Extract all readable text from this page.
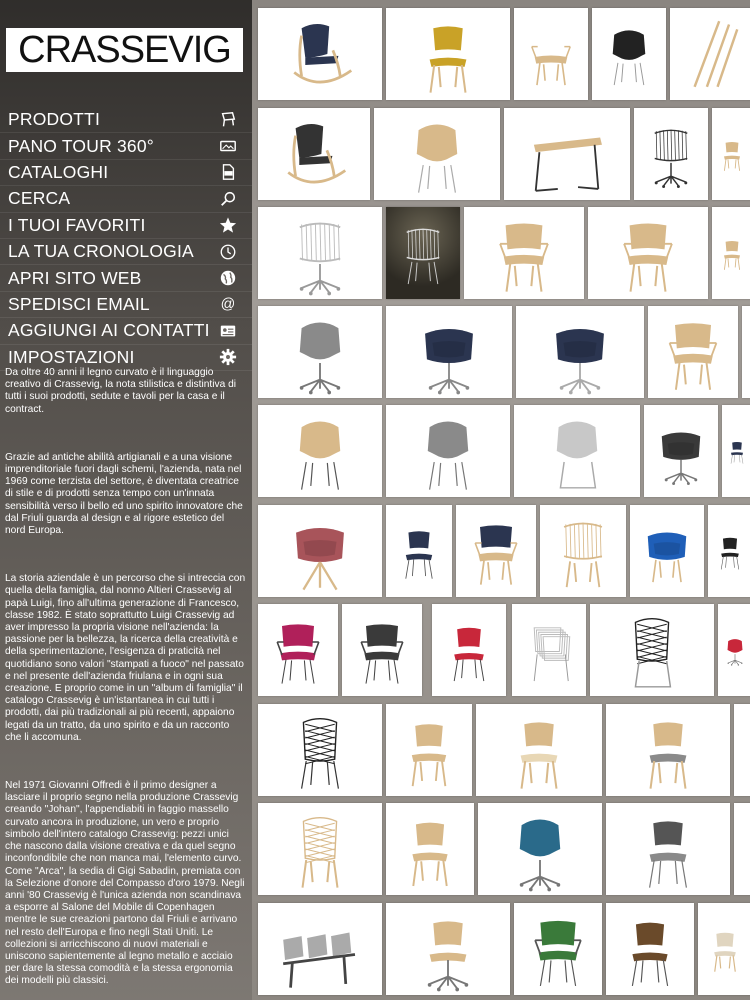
CRASSEVIG
PRODOTTI
PANO TOUR 360°
CATALOGHI
CERCA
I TUOI FAVORITI
LA TUA CRONOLOGIA
APRI SITO WEB
SPEDISCI EMAIL	@
AGGIUNGI AI CONTATTI
IMPOSTAZIONI

Da oltre 40 anni il legno curvato è il linguaggio creativo di Crassevig, la nota stilistica e distintiva di tutti i suoi prodotti, sedute e tavoli per la casa e il contract.

Grazie ad antiche abilità artigianali e a una visione imprenditoriale fuori dagli schemi, l'azienda, nata nel 1969 come terzista del settore, è diventata creatrice di stile e di prodotti senza tempo con un'innata sensibilità verso il bello ed uno spirito innovatore che dal Friuli guarda al design e al rigore estetico del nord Europa.

La storia aziendale è un percorso che si intreccia con quella della famiglia, dal nonno Altieri Crassevig al papà Luigi, fino all'ultima generazione di Francesco, classe 1982. È stato soprattutto Luigi Crassevig ad aver impresso la propria visione nell'azienda: la passione per la bellezza, la ricerca della creatività e della sperimentazione, l'esigenza di praticità nel quotidiano sono valori "stampati a fuoco" nel passato e nel presente dell'azienda friulana e in ogni sua creazione. E proprio come in un "album di famiglia" il catalogo Crassevig è un'istantanea in cui tutti i prodotti, dai più tradizionali ai più recenti, appaiono legati da un tratto, da uno spirito e da un racconto che li accomuna.

Nel 1971 Giovanni Offredi è il primo designer a lasciare il proprio segno nella produzione Crassevig creando "Johan", l'appendiabiti in faggio massello curvato ancora in produzione, un vero e proprio simbolo dell'intero catalogo Crassevig: pezzi unici che nascono dalla visione creativa e da quel segno inconfondibile che non manca mai, l'elemento curvo. Come "Arca", la sedia di Gigi Sabadin, premiata con la Selezione d'onore del Compasso d'oro 1979. Negli anni '80 Crassevig è l'unica azienda non scandinava a esporre al Salone del Mobile di Copenhagen mentre le sue creazioni partono dal Friuli e arrivano nel resto dell'Europa e fino negli Stati Uniti. Le collezioni si arricchiscono di nuovi materiali e uniscono sapientemente al legno metallo e acciaio per dare la stessa comodità e la stessa ergonomia dei modelli più classici.
